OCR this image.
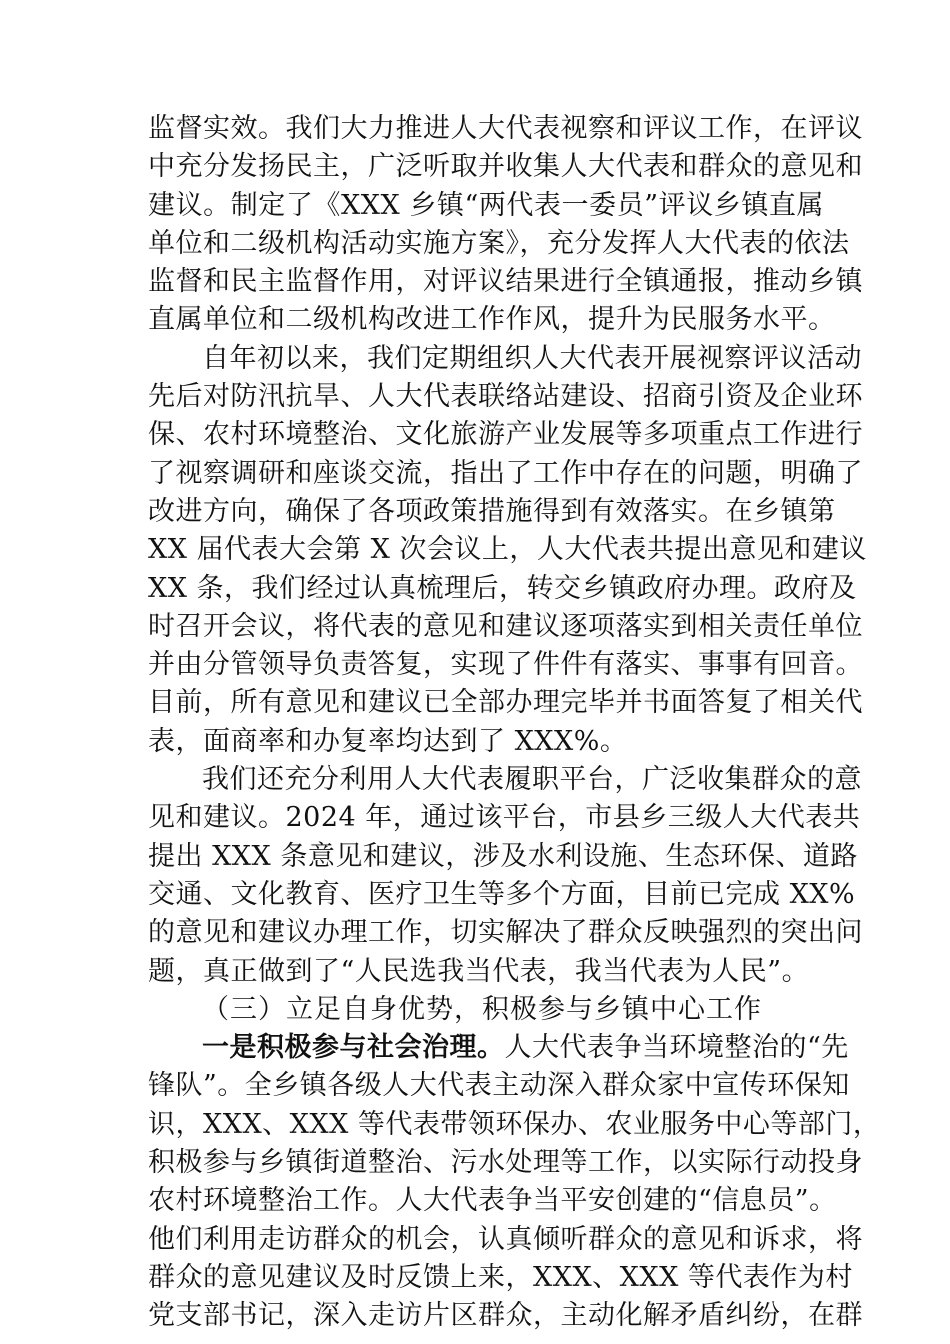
监督实效。我们大力推进人大代表视察和评议工作，在评议
中充分发扬民主，广泛听取并收集人大代表和群众的意见和
建议。制定了《XXX 乡镇“两代表一委员”评议乡镇直属
单位和二级机构活动实施方案》，充分发挥人大代表的依法
监督和民主监督作用，对评议结果进行全镇通报，推动乡镇
直属单位和二级机构改进工作作风，提升为民服务水平。
自年初以来，我们定期组织人大代表开展视察评议活动
先后对防汛抗旱、人大代表联络站建设、招商引资及企业环
保、农村环境整治、文化旅游产业发展等多项重点工作进行
了视察调研和座谈交流，指出了工作中存在的问题，明确了
改进方向，确保了各项政策措施得到有效落实。在乡镇第
XX 届代表大会第 X 次会议上，人大代表共提出意见和建议
XX 条，我们经过认真梳理后，转交乡镇政府办理。政府及
时召开会议，将代表的意见和建议逐项落实到相关责任单位
并由分管领导负责答复，实现了件件有落实、事事有回音。
目前，所有意见和建议已全部办理完毕并书面答复了相关代
表，面商率和办复率均达到了 XXX%。
我们还充分利用人大代表履职平台，广泛收集群众的意
见和建议。2024 年，通过该平台，市县乡三级人大代表共
提出 XXX 条意见和建议，涉及水利设施、生态环保、道路
交通、文化教育、医疗卫生等多个方面，目前已完成 XX%
的意见和建议办理工作，切实解决了群众反映强烈的突出问
题，真正做到了“人民选我当代表，我当代表为人民”。
（三）立足自身优势，积极参与乡镇中心工作
一是积极参与社会治理。人大代表争当环境整治的“先
锋队”。全乡镇各级人大代表主动深入群众家中宣传环保知
识，XXX、XXX 等代表带领环保办、农业服务中心等部门，
积极参与乡镇街道整治、污水处理等工作，以实际行动投身
农村环境整治工作。人大代表争当平安创建的“信息员”。
他们利用走访群众的机会，认真倾听群众的意见和诉求，将
群众的意见建议及时反馈上来，XXX、XXX 等代表作为村
党支部书记，深入走访片区群众，主动化解矛盾纠纷，在群
